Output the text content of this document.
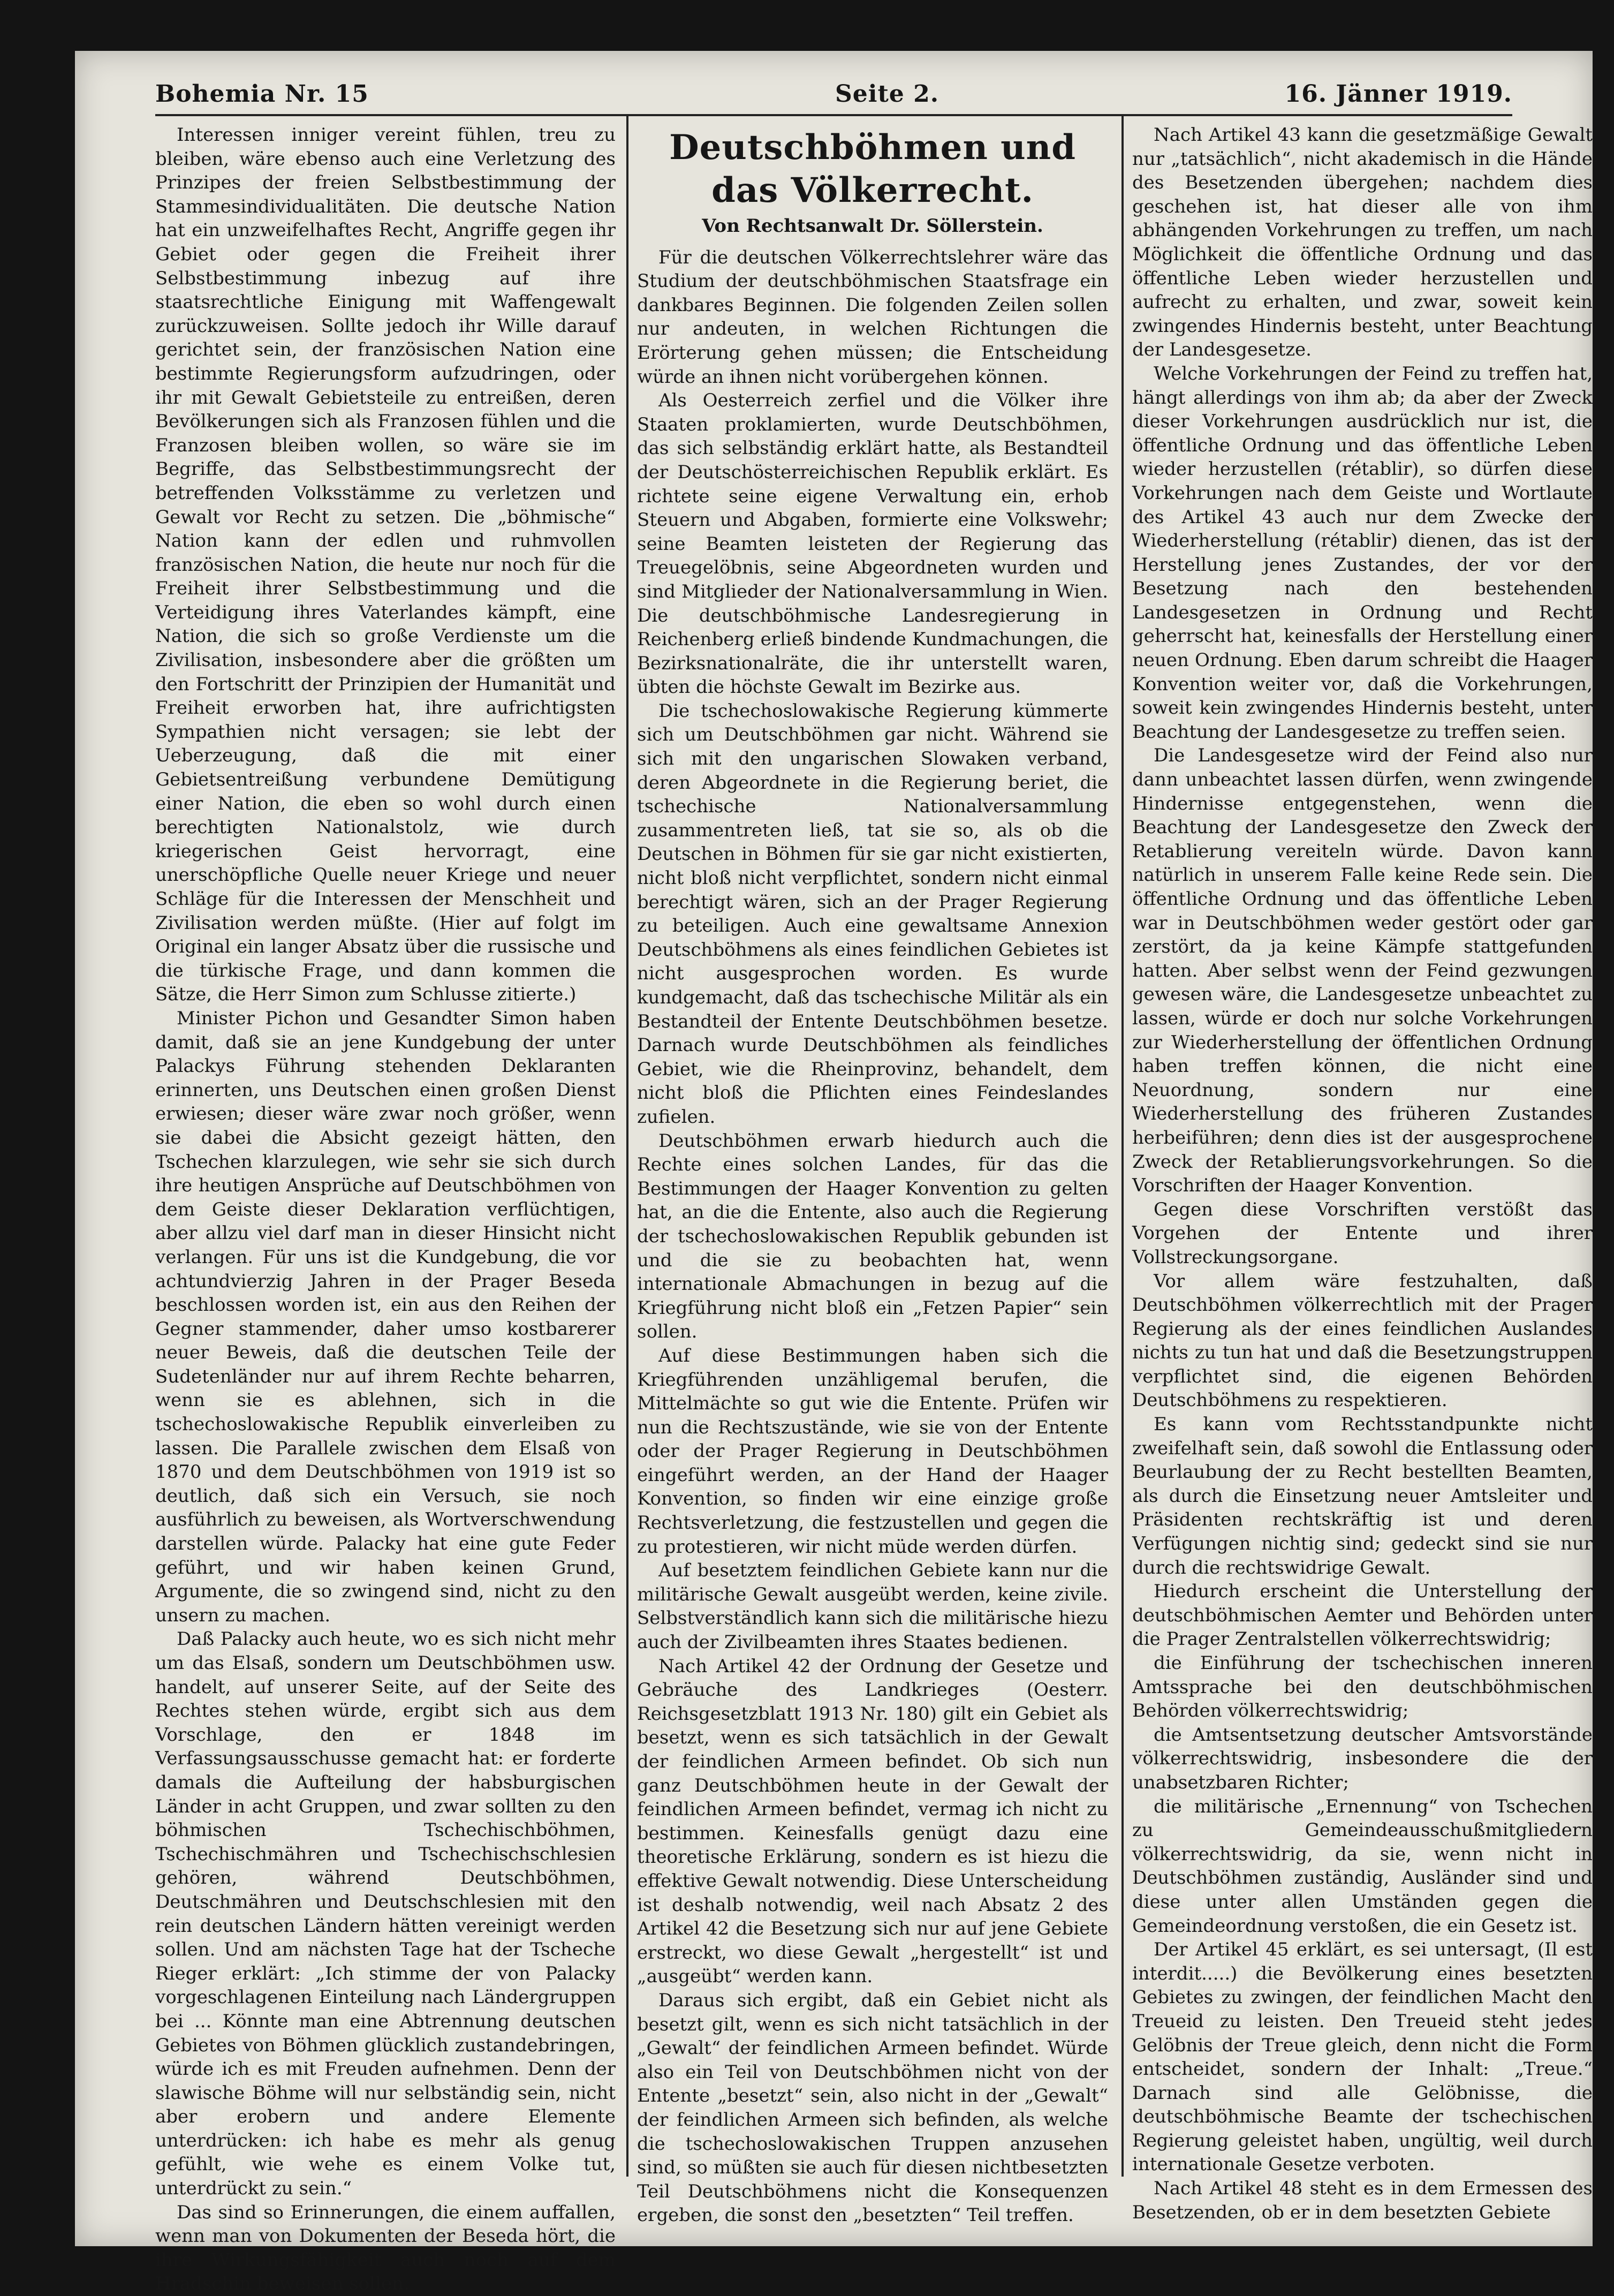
Bohemia Nr. 15	Seite 2.	16. Jänner 1919.

Interessen inniger vereint fühlen, treu zu bleiben, wäre ebenso auch eine Verletzung des Prinzipes der freien Selbstbestimmung der Stammesindividualitäten. Die deutsche Nation hat ein unzweifelhaftes Recht, Angriffe gegen ihr Gebiet oder gegen die Freiheit ihrer Selbstbestimmung inbezug auf ihre staatsrechtliche Einigung mit Waffengewalt zurückzuweisen. Sollte jedoch ihr Wille darauf gerichtet sein, der französischen Nation eine bestimmte Regierungsform aufzudringen, oder ihr mit Gewalt Gebietsteile zu entreißen, deren Bevölkerungen sich als Franzosen fühlen und die Franzosen bleiben wollen, so wäre sie im Begriffe, das Selbstbestimmungsrecht der betreffenden Volksstämme zu verletzen und Gewalt vor Recht zu setzen. Die „böhmische“ Nation kann der edlen und ruhmvollen französischen Nation, die heute nur noch für die Freiheit ihrer Selbstbestimmung und die Verteidigung ihres Vaterlandes kämpft, eine Nation, die sich so große Verdienste um die Zivilisation, insbesondere aber die größten um den Fortschritt der Prinzipien der Humanität und Freiheit erworben hat, ihre aufrichtigsten Sympathien nicht versagen; sie lebt der Ueberzeugung, daß die mit einer Gebietsentreißung verbundene Demütigung einer Nation, die eben so wohl durch einen berechtigten Nationalstolz, wie durch kriegerischen Geist hervorragt, eine unerschöpfliche Quelle neuer Kriege und neuer Schläge für die Interessen der Menschheit und Zivilisation werden müßte. (Hier auf folgt im Original ein langer Absatz über die russische und die türkische Frage, und dann kommen die Sätze, die Herr Simon zum Schlusse zitierte.)

Minister Pichon und Gesandter Simon haben damit, daß sie an jene Kundgebung der unter Palackys Führung stehenden Deklaranten erinnerten, uns Deutschen einen großen Dienst erwiesen; dieser wäre zwar noch größer, wenn sie dabei die Absicht gezeigt hätten, den Tschechen klarzulegen, wie sehr sie sich durch ihre heutigen Ansprüche auf Deutschböhmen von dem Geiste dieser Deklaration verflüchtigen, aber allzu viel darf man in dieser Hinsicht nicht verlangen. Für uns ist die Kundgebung, die vor achtundvierzig Jahren in der Prager Beseda beschlossen worden ist, ein aus den Reihen der Gegner stammender, daher umso kostbarerer neuer Beweis, daß die deutschen Teile der Sudetenländer nur auf ihrem Rechte beharren, wenn sie es ablehnen, sich in die tschechoslowakische Republik einverleiben zu lassen. Die Parallele zwischen dem Elsaß von 1870 und dem Deutschböhmen von 1919 ist so deutlich, daß sich ein Versuch, sie noch ausführlich zu beweisen, als Wortverschwendung darstellen würde. Palacky hat eine gute Feder geführt, und wir haben keinen Grund, Argumente, die so zwingend sind, nicht zu den unsern zu machen.

Daß Palacky auch heute, wo es sich nicht mehr um das Elsaß, sondern um Deutschböhmen usw. handelt, auf unserer Seite, auf der Seite des Rechtes stehen würde, ergibt sich aus dem Vorschlage, den er 1848 im Verfassungsausschusse gemacht hat: er forderte damals die Aufteilung der habsburgischen Länder in acht Gruppen, und zwar sollten zu den böhmischen Tschechischböhmen, Tschechischmähren und Tschechischschlesien gehören, während Deutschböhmen, Deutschmähren und Deutschschlesien mit den rein deutschen Ländern hätten vereinigt werden sollen. Und am nächsten Tage hat der Tscheche Rieger erklärt: „Ich stimme der von Palacky vorgeschlagenen Einteilung nach Ländergruppen bei ... Könnte man eine Abtrennung deutschen Gebietes von Böhmen glücklich zustandebringen, würde ich es mit Freuden aufnehmen. Denn der slawische Böhme will nur selbständig sein, nicht aber erobern und andere Elemente unterdrücken: ich habe es mehr als genug gefühlt, wie wehe es einem Volke tut, unterdrückt zu sein.“

Das sind so Erinnerungen, die einem auffallen, wenn man von Dokumenten der Beseda hört, die ihre Wirkungsfähigkeit auch noch auf dem Hradschin beweisen sollen.

Deutschböhmen und das Völkerrecht.
Von Rechtsanwalt Dr. Söllerstein.

Für die deutschen Völkerrechtslehrer wäre das Studium der deutschböhmischen Staatsfrage ein dankbares Beginnen. Die folgenden Zeilen sollen nur andeuten, in welchen Richtungen die Erörterung gehen müssen; die Entscheidung würde an ihnen nicht vorübergehen können.

Als Oesterreich zerfiel und die Völker ihre Staaten proklamierten, wurde Deutschböhmen, das sich selbständig erklärt hatte, als Bestandteil der Deutschösterreichischen Republik erklärt. Es richtete seine eigene Verwaltung ein, erhob Steuern und Abgaben, formierte eine Volkswehr; seine Beamten leisteten der Regierung das Treuegelöbnis, seine Abgeordneten wurden und sind Mitglieder der Nationalversammlung in Wien. Die deutschböhmische Landesregierung in Reichenberg erließ bindende Kundmachungen, die Bezirksnationalräte, die ihr unterstellt waren, übten die höchste Gewalt im Bezirke aus.

Die tschechoslowakische Regierung kümmerte sich um Deutschböhmen gar nicht. Während sie sich mit den ungarischen Slowaken verband, deren Abgeordnete in die Regierung beriet, die tschechische Nationalversammlung zusammentreten ließ, tat sie so, als ob die Deutschen in Böhmen für sie gar nicht existierten, nicht bloß nicht verpflichtet, sondern nicht einmal berechtigt wären, sich an der Prager Regierung zu beteiligen. Auch eine gewaltsame Annexion Deutschböhmens als eines feindlichen Gebietes ist nicht ausgesprochen worden. Es wurde kundgemacht, daß das tschechische Militär als ein Bestandteil der Entente Deutschböhmen besetze. Darnach wurde Deutschböhmen als feindliches Gebiet, wie die Rheinprovinz, behandelt, dem nicht bloß die Pflichten eines Feindeslandes zufielen.

Deutschböhmen erwarb hiedurch auch die Rechte eines solchen Landes, für das die Bestimmungen der Haager Konvention zu gelten hat, an die die Entente, also auch die Regierung der tschechoslowakischen Republik gebunden ist und die sie zu beobachten hat, wenn internationale Abmachungen in bezug auf die Kriegführung nicht bloß ein „Fetzen Papier“ sein sollen.

Auf diese Bestimmungen haben sich die Kriegführenden unzähligemal berufen, die Mittelmächte so gut wie die Entente. Prüfen wir nun die Rechtszustände, wie sie von der Entente oder der Prager Regierung in Deutschböhmen eingeführt werden, an der Hand der Haager Konvention, so finden wir eine einzige große Rechtsverletzung, die festzustellen und gegen die zu protestieren, wir nicht müde werden dürfen.

Auf besetztem feindlichen Gebiete kann nur die militärische Gewalt ausgeübt werden, keine zivile. Selbstverständlich kann sich die militärische hiezu auch der Zivilbeamten ihres Staates bedienen.

Nach Artikel 42 der Ordnung der Gesetze und Gebräuche des Landkrieges (Oesterr. Reichsgesetzblatt 1913 Nr. 180) gilt ein Gebiet als besetzt, wenn es sich tatsächlich in der Gewalt der feindlichen Armeen befindet. Ob sich nun ganz Deutschböhmen heute in der Gewalt der feindlichen Armeen befindet, vermag ich nicht zu bestimmen. Keinesfalls genügt dazu eine theoretische Erklärung, sondern es ist hiezu die effektive Gewalt notwendig. Diese Unterscheidung ist deshalb notwendig, weil nach Absatz 2 des Artikel 42 die Besetzung sich nur auf jene Gebiete erstreckt, wo diese Gewalt „hergestellt“ ist und „ausgeübt“ werden kann.

Daraus sich ergibt, daß ein Gebiet nicht als besetzt gilt, wenn es sich nicht tatsächlich in der „Gewalt“ der feindlichen Armeen befindet. Würde also ein Teil von Deutschböhmen nicht von der Entente „besetzt“ sein, also nicht in der „Gewalt“ der feindlichen Armeen sich befinden, als welche die tschechoslowakischen Truppen anzusehen sind, so müßten sie auch für diesen nichtbesetzten Teil Deutschböhmens nicht die Konsequenzen ergeben, die sonst den „besetzten“ Teil treffen.

Nach Artikel 43 kann die gesetzmäßige Gewalt nur „tatsächlich“, nicht akademisch in die Hände des Besetzenden übergehen; nachdem dies geschehen ist, hat dieser alle von ihm abhängenden Vorkehrungen zu treffen, um nach Möglichkeit die öffentliche Ordnung und das öffentliche Leben wieder herzustellen und aufrecht zu erhalten, und zwar, soweit kein zwingendes Hindernis besteht, unter Beachtung der Landesgesetze.

Welche Vorkehrungen der Feind zu treffen hat, hängt allerdings von ihm ab; da aber der Zweck dieser Vorkehrungen ausdrücklich nur ist, die öffentliche Ordnung und das öffentliche Leben wieder herzustellen (rétablir), so dürfen diese Vorkehrungen nach dem Geiste und Wortlaute des Artikel 43 auch nur dem Zwecke der Wiederherstellung (rétablir) dienen, das ist der Herstellung jenes Zustandes, der vor der Besetzung nach den bestehenden Landesgesetzen in Ordnung und Recht geherrscht hat, keinesfalls der Herstellung einer neuen Ordnung. Eben darum schreibt die Haager Konvention weiter vor, daß die Vorkehrungen, soweit kein zwingendes Hindernis besteht, unter Beachtung der Landesgesetze zu treffen seien.

Die Landesgesetze wird der Feind also nur dann unbeachtet lassen dürfen, wenn zwingende Hindernisse entgegenstehen, wenn die Beachtung der Landesgesetze den Zweck der Retablierung vereiteln würde. Davon kann natürlich in unserem Falle keine Rede sein. Die öffentliche Ordnung und das öffentliche Leben war in Deutschböhmen weder gestört oder gar zerstört, da ja keine Kämpfe stattgefunden hatten. Aber selbst wenn der Feind gezwungen gewesen wäre, die Landesgesetze unbeachtet zu lassen, würde er doch nur solche Vorkehrungen zur Wiederherstellung der öffentlichen Ordnung haben treffen können, die nicht eine Neuordnung, sondern nur eine Wiederherstellung des früheren Zustandes herbeiführen; denn dies ist der ausgesprochene Zweck der Retablierungsvorkehrungen. So die Vorschriften der Haager Konvention.

Gegen diese Vorschriften verstößt das Vorgehen der Entente und ihrer Vollstreckungsorgane.

Vor allem wäre festzuhalten, daß Deutschböhmen völkerrechtlich mit der Prager Regierung als der eines feindlichen Auslandes nichts zu tun hat und daß die Besetzungstruppen verpflichtet sind, die eigenen Behörden Deutschböhmens zu respektieren.

Es kann vom Rechtsstandpunkte nicht zweifelhaft sein, daß sowohl die Entlassung oder Beurlaubung der zu Recht bestellten Beamten, als durch die Einsetzung neuer Amtsleiter und Präsidenten rechtskräftig ist und deren Verfügungen nichtig sind; gedeckt sind sie nur durch die rechtswidrige Gewalt.

Hiedurch erscheint die Unterstellung der deutschböhmischen Aemter und Behörden unter die Prager Zentralstellen völkerrechtswidrig;

die Einführung der tschechischen inneren Amtssprache bei den deutschböhmischen Behörden völkerrechtswidrig;

die Amtsentsetzung deutscher Amtsvorstände völkerrechtswidrig, insbesondere die der unabsetzbaren Richter;

die militärische „Ernennung“ von Tschechen zu Gemeindeausschußmitgliedern völkerrechtswidrig, da sie, wenn nicht in Deutschböhmen zuständig, Ausländer sind und diese unter allen Umständen gegen die Gemeindeordnung verstoßen, die ein Gesetz ist.

Der Artikel 45 erklärt, es sei untersagt, (Il est interdit.....) die Bevölkerung eines besetzten Gebietes zu zwingen, der feindlichen Macht den Treueid zu leisten. Den Treueid steht jedes Gelöbnis der Treue gleich, denn nicht die Form entscheidet, sondern der Inhalt: „Treue.“ Darnach sind alle Gelöbnisse, die deutschböhmische Beamte der tschechischen Regierung geleistet haben, ungültig, weil durch internationale Gesetze verboten.

Nach Artikel 48 steht es in dem Ermessen des Besetzenden, ob er in dem besetzten Gebiete
